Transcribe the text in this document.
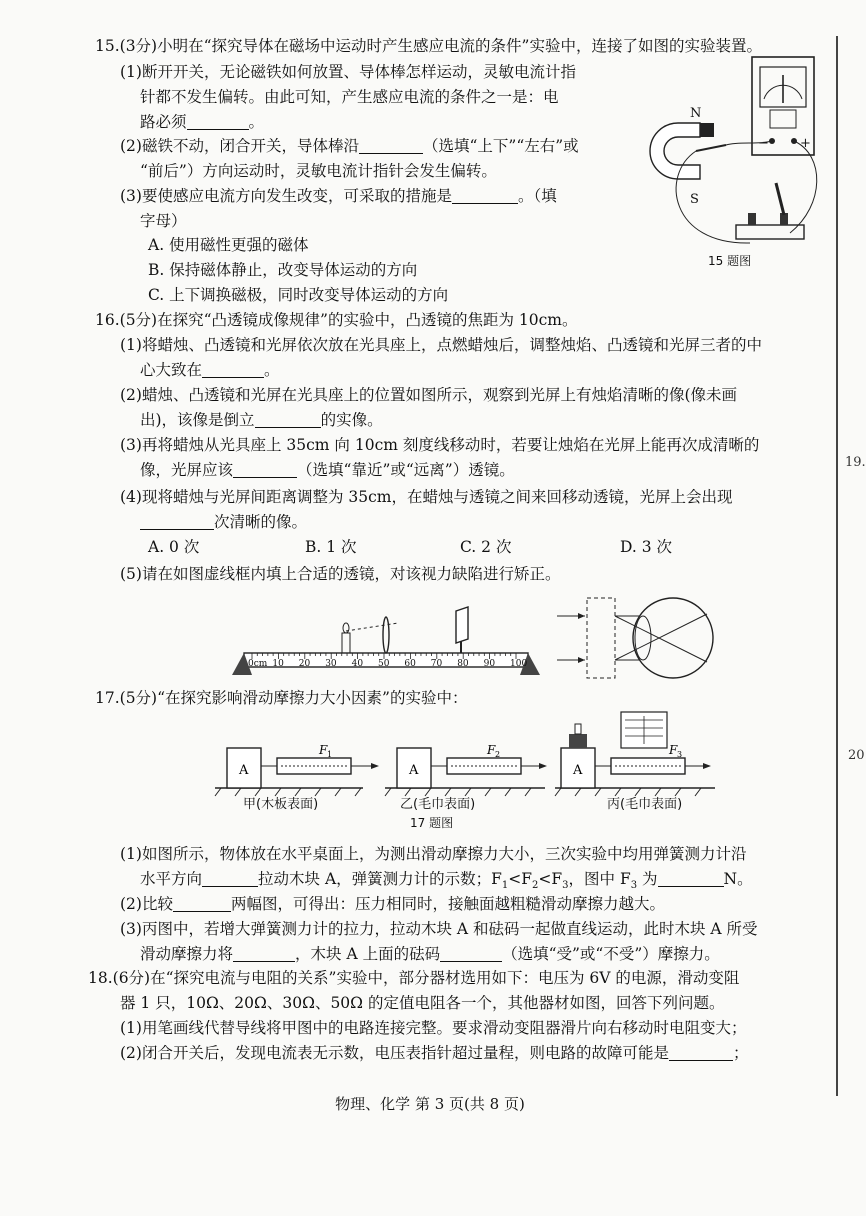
19.
20
15.(3分)小明在“探究导体在磁场中运动时产生感应电流的条件”实验中，连接了如图的实验装置。
(1)断开开关，无论磁铁如何放置、导体棒怎样运动，灵敏电流计指
针都不发生偏转。由此可知，产生感应电流的条件之一是：电
路必须	。
(2)磁铁不动，闭合开关，导体棒沿	（选填“上下”“左右”或
“前后”）方向运动时，灵敏电流计指针会发生偏转。
(3)要使感应电流方向发生改变，可采取的措施是	。（填
字母）
A. 使用磁性更强的磁体
B. 保持磁体静止，改变导体运动的方向
C. 上下调换磁极，同时改变导体运动的方向
− +
N
S
15 题图
16.(5分)在探究“凸透镜成像规律”的实验中，凸透镜的焦距为 10cm。
(1)将蜡烛、凸透镜和光屏依次放在光具座上，点燃蜡烛后，调整烛焰、凸透镜和光屏三者的中
心大致在	。
(2)蜡烛、凸透镜和光屏在光具座上的位置如图所示，观察到光屏上有烛焰清晰的像(像未画
出)，该像是倒立	的实像。
(3)再将蜡烛从光具座上 35cm 向 10cm 刻度线移动时，若要让烛焰在光屏上能再次成清晰的
像，光屏应该	（选填“靠近”或“远离”）透镜。
(4)现将蜡烛与光屏间距离调整为 35cm，在蜡烛与透镜之间来回移动透镜，光屏上会出现
次清晰的像。
A. 0 次	B. 1 次	C. 2 次	D. 3 次
(5)请在如图虚线框内填上合适的透镜，对该视力缺陷进行矫正。
0cm 10 20 30 40 50 60 70 80 90 100
17.(5分)“在探究影响滑动摩擦力大小因素”的实验中：
A
F 1
A
F 2
A
F 3
甲(木板表面)	乙(毛巾表面)	丙(毛巾表面)
17 题图
(1)如图所示，物体放在水平桌面上，为测出滑动摩擦力大小，三次实验中均用弹簧测力计沿
水平方向	拉动木块 A，弹簧测力计的示数；$F_1<F_2<F_3$，图中 $F_3$ 为	N。
(2)比较	两幅图，可得出：压力相同时，接触面越粗糙滑动摩擦力越大。
(3)丙图中，若增大弹簧测力计的拉力，拉动木块 A 和砝码一起做直线运动，此时木块 A 所受
滑动摩擦力将	，木块 A 上面的砝码	（选填“受”或“不受”）摩擦力。
18.(6分)在“探究电流与电阻的关系”实验中，部分器材选用如下：电压为 6V 的电源，滑动变阻
器 1 只，10Ω、20Ω、30Ω、50Ω 的定值电阻各一个，其他器材如图，回答下列问题。
(1)用笔画线代替导线将甲图中的电路连接完整。要求滑动变阻器滑片向右移动时电阻变大；
(2)闭合开关后，发现电流表无示数，电压表指针超过量程，则电路的故障可能是	；
物理、化学 第 3 页(共 8 页)
